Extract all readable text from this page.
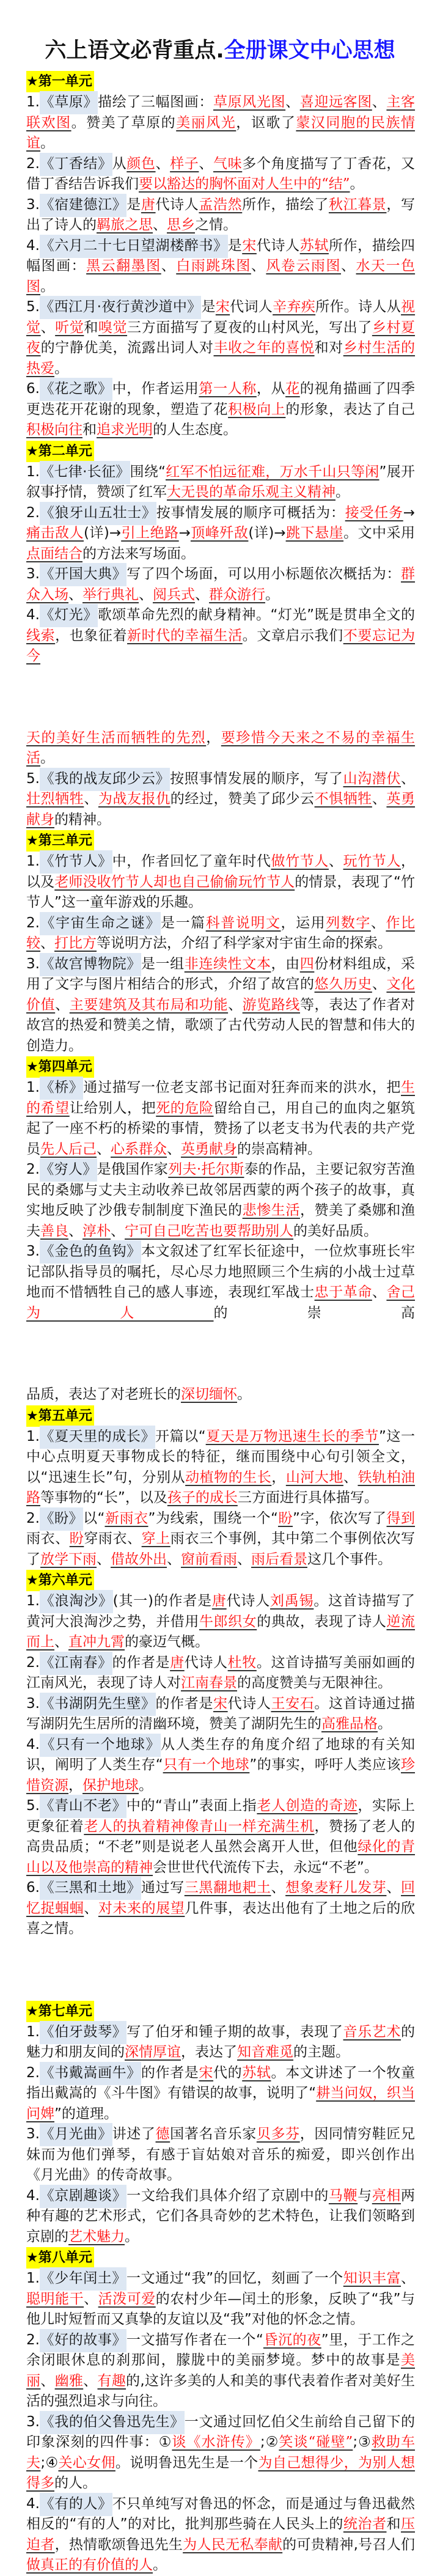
六上语文必背重点.全册课文中心思想
★第一单元
1.《草原》描绘了三幅图画：草原风光图、喜迎远客图、主客联欢图。赞美了草原的美丽风光，讴歌了蒙汉同胞的民族情谊。
2.《丁香结》从颜色、样子、气味多个角度描写了丁香花，又借丁香结告诉我们要以豁达的胸怀面对人生中的“结”。
3.《宿建德江》是唐代诗人孟浩然所作，描绘了秋江暮景，写出了诗人的羁旅之思、思乡之情。
4.《六月二十七日望湖楼醉书》是宋代诗人苏轼所作，描绘四幅图画：黑云翻墨图、白雨跳珠图、风卷云雨图、水天一色图。
5.《西江月·夜行黄沙道中》是宋代词人辛弃疾所作。诗人从视觉、听觉和嗅觉三方面描写了夏夜的山村风光，写出了乡村夏夜的宁静优美，流露出词人对丰收之年的喜悦和对乡村生活的热爱。
6.《花之歌》中，作者运用第一人称，从花的视角描画了四季更迭花开花谢的现象，塑造了花积极向上的形象，表达了自己积极向往和追求光明的人生态度。
★第二单元
1.《七律·长征》围绕“红军不怕远征难，万水千山只等闲”展开叙事抒情，赞颂了红军大无畏的革命乐观主义精神。
2.《狼牙山五壮士》按事情发展的顺序可概括为：接受任务→痛击敌人(详)→引上绝路→顶峰歼敌(详)→跳下悬崖。文中采用点面结合的方法来写场面。
3.《开国大典》写了四个场面，可以用小标题依次概括为：群众入场、举行典礼、阅兵式、群众游行。
4.《灯光》歌颂革命先烈的献身精神。“灯光”既是贯串全文的线索，也象征着新时代的幸福生活。文章启示我们不要忘记为今
天的美好生活而牺牲的先烈，要珍惜今天来之不易的幸福生活。
5.《我的战友邱少云》按照事情发展的顺序，写了山沟潜伏、壮烈牺牲、为战友报仇的经过，赞美了邱少云不惧牺牲、英勇献身的精神。
★第三单元
1.《竹节人》中，作者回忆了童年时代做竹节人、玩竹节人，以及老师没收竹节人却也自己偷偷玩竹节人的情景，表现了“竹节人”这一童年游戏的乐趣。
2.《宇宙生命之谜》是一篇科普说明文，运用列数字、作比较、打比方等说明方法，介绍了科学家对宇宙生命的探索。
3.《故宫博物院》是一组非连续性文本，由四份材料组成，采用了文字与图片相结合的形式，介绍了故宫的悠久历史、文化价值、主要建筑及其布局和功能、游览路线等，表达了作者对故宫的热爱和赞美之情，歌颂了古代劳动人民的智慧和伟大的创造力。
★第四单元
1.《桥》通过描写一位老支部书记面对狂奔而来的洪水，把生的希望让给别人，把死的危险留给自己，用自己的血肉之躯筑起了一座不朽的桥梁的事情，赞扬了以老支书为代表的共产党员先人后己、心系群众、英勇献身的崇高精神。
2.《穷人》是俄国作家列夫·托尔斯泰的作品，主要记叙穷苦渔民的桑娜与丈夫主动收养已故邻居西蒙的两个孩子的故事，真实地反映了沙俄专制制度下渔民的悲惨生活，赞美了桑娜和渔夫善良、淳朴、宁可自己吃苦也要帮助别人的美好品质。
3.《金色的鱼钩》本文叙述了红军长征途中，一位炊事班长牢记部队指导员的嘱托，尽心尽力地照顾三个生病的小战士过草地而不惜牺牲自己的感人事迹，表现红军战士忠于革命、舍己为人的崇高
品质，表达了对老班长的深切缅怀。
★第五单元
1.《夏天里的成长》开篇以“夏天是万物迅速生长的季节”这一中心点明夏天事物成长的特征，继而围绕中心句引领全文，以“迅速生长”句，分别从动植物的生长，山河大地、铁轨柏油路等事物的“长”，以及孩子的成长三方面进行具体描写。
2.《盼》以“新雨衣”为线索，围绕一个“盼”字，依次写了得到雨衣、盼穿雨衣、穿上雨衣三个事例，其中第二个事例依次写了放学下雨、借故外出、窗前看雨、雨后看景这几个事件。
★第六单元
1.《浪淘沙》(其一)的作者是唐代诗人刘禹锡。这首诗描写了黄河大浪淘沙之势，并借用牛郎织女的典故，表现了诗人逆流而上、直冲九霄的豪迈气概。
2.《江南春》的作者是唐代诗人杜牧。这首诗描写美丽如画的江南风光，表现了诗人对江南春景的高度赞美与无限神往。
3.《书湖阴先生壁》的作者是宋代诗人王安石。这首诗通过描写湖阴先生居所的清幽环境，赞美了湖阴先生的高雅品格。
4.《只有一个地球》从人类生存的角度介绍了地球的有关知识，阐明了人类生存“只有一个地球”的事实，呼吁人类应该珍惜资源，保护地球。
5.《青山不老》中的“青山”表面上指老人创造的奇迹，实际上更象征着老人的执着精神像青山一样充满生机，赞扬了老人的高贵品质；“不老”则是说老人虽然会离开人世，但他绿化的青山以及他崇高的精神会世世代代流传下去，永远“不老”。
6.《三黑和土地》通过写三黑翻地耙土、想象麦籽儿发芽、回忆捉蝈蝈、对未来的展望几件事，表达出他有了土地之后的欣喜之情。
★第七单元
1.《伯牙鼓琴》写了伯牙和锺子期的故事，表现了音乐艺术的魅力和朋友间的深情厚谊，表达了知音难觅的主题。
2.《书戴嵩画牛》的作者是宋代的苏轼。本文讲述了一个牧童指出戴嵩的《斗牛图》有错误的故事，说明了“耕当问奴，织当问婢”的道理。
3.《月光曲》讲述了德国著名音乐家贝多芬，因同情穷鞋匠兄妹而为他们弹琴，有感于盲姑娘对音乐的痴爱，即兴创作出《月光曲》的传奇故事。
4.《京剧趣谈》一文给我们具体介绍了京剧中的马鞭与亮相两种有趣的艺术形式，它们各具奇妙的艺术特色，让我们领略到京剧的艺术魅力。
★第八单元
1.《少年闰土》一文通过“我”的回忆，刻画了一个知识丰富、聪明能干、活泼可爱的农村少年—闰土的形象，反映了“我”与他儿时短暂而又真挚的友谊以及“我”对他的怀念之情。
2.《好的故事》一文描写作者在一个“昏沉的夜”里，于工作之余闭眼休息的刹那间，朦胧中的美丽梦境。梦中的故事是美丽、幽雅、有趣的,这许多美的人和美的事代表着作者对美好生活的强烈追求与向往。
3.《我的伯父鲁迅先生》一文通过回忆伯父生前给自己留下的印象深刻的四件事：①谈《水浒传》;②笑谈“碰壁”;③救助车夫;④关心女佣。说明鲁迅先生是一个为自己想得少，为别人想得多的人。
4.《有的人》不只单纯写对鲁迅的怀念，而是通过与鲁迅截然相反的“有的人”的对比，批判那些骑在人民头上的统治者和压迫者，热情歌颂鲁迅先生为人民无私奉献的可贵精神,号召人们做真正的有价值的人。
